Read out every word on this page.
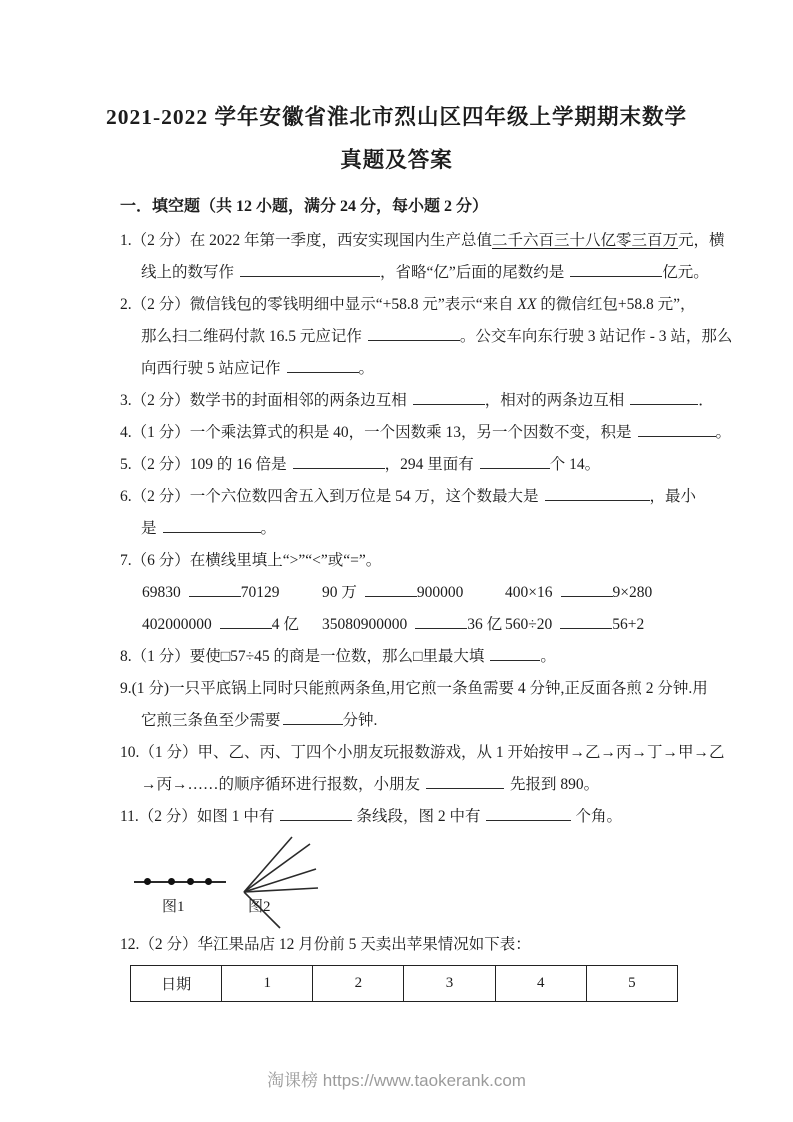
2021-2022 学年安徽省淮北市烈山区四年级上学期期末数学
真题及答案
一．填空题（共 12 小题，满分 24 分，每小题 2 分）
1.（2 分）在 2022 年第一季度，西安实现国内生产总值二千六百三十八亿零三百万元，横
线上的数写作	，省略“亿”后面的尾数约是	亿元。
2.（2 分）微信钱包的零钱明细中显示“+58.8 元”表示“来自 XX 的微信红包+58.8 元”，
那么扫二维码付款 16.5 元应记作	。公交车向东行驶 3 站记作 - 3 站，那么
向西行驶 5 站应记作	。
3.（2 分）数学书的封面相邻的两条边互相	，相对的两条边互相	．
4.（1 分）一个乘法算式的积是 40，一个因数乘 13，另一个因数不变，积是	。
5.（2 分）109 的 16 倍是	，294 里面有	个 14。
6.（2 分）一个六位数四舍五入到万位是 54 万，这个数最大是	，最小
是	。
7.（6 分）在横线里填上“>”“<”或“=”。
69830	70129	90 万	900000	400×16	9×280
402000000	4 亿	35080900000	36 亿 560÷20	56+2
8.（1 分）要使□57÷45 的商是一位数，那么□里最大填	。
9.(1 分)一只平底锅上同时只能煎两条鱼,用它煎一条鱼需要 4 分钟,正反面各煎 2 分钟.用
它煎三条鱼至少需要	分钟.
10.（1 分）甲、乙、丙、丁四个小朋友玩报数游戏，从 1 开始按甲→乙→丙→丁→甲→乙
→丙→……的顺序循环进行报数，小朋友	先报到 890。
11.（2 分）如图 1 中有	条线段，图 2 中有	个角。
图1	图2
12.（2 分）华江果品店 12 月份前 5 天卖出苹果情况如下表：
日期	1	2	3	4	5
淘课榜 https://www.taokerank.com
